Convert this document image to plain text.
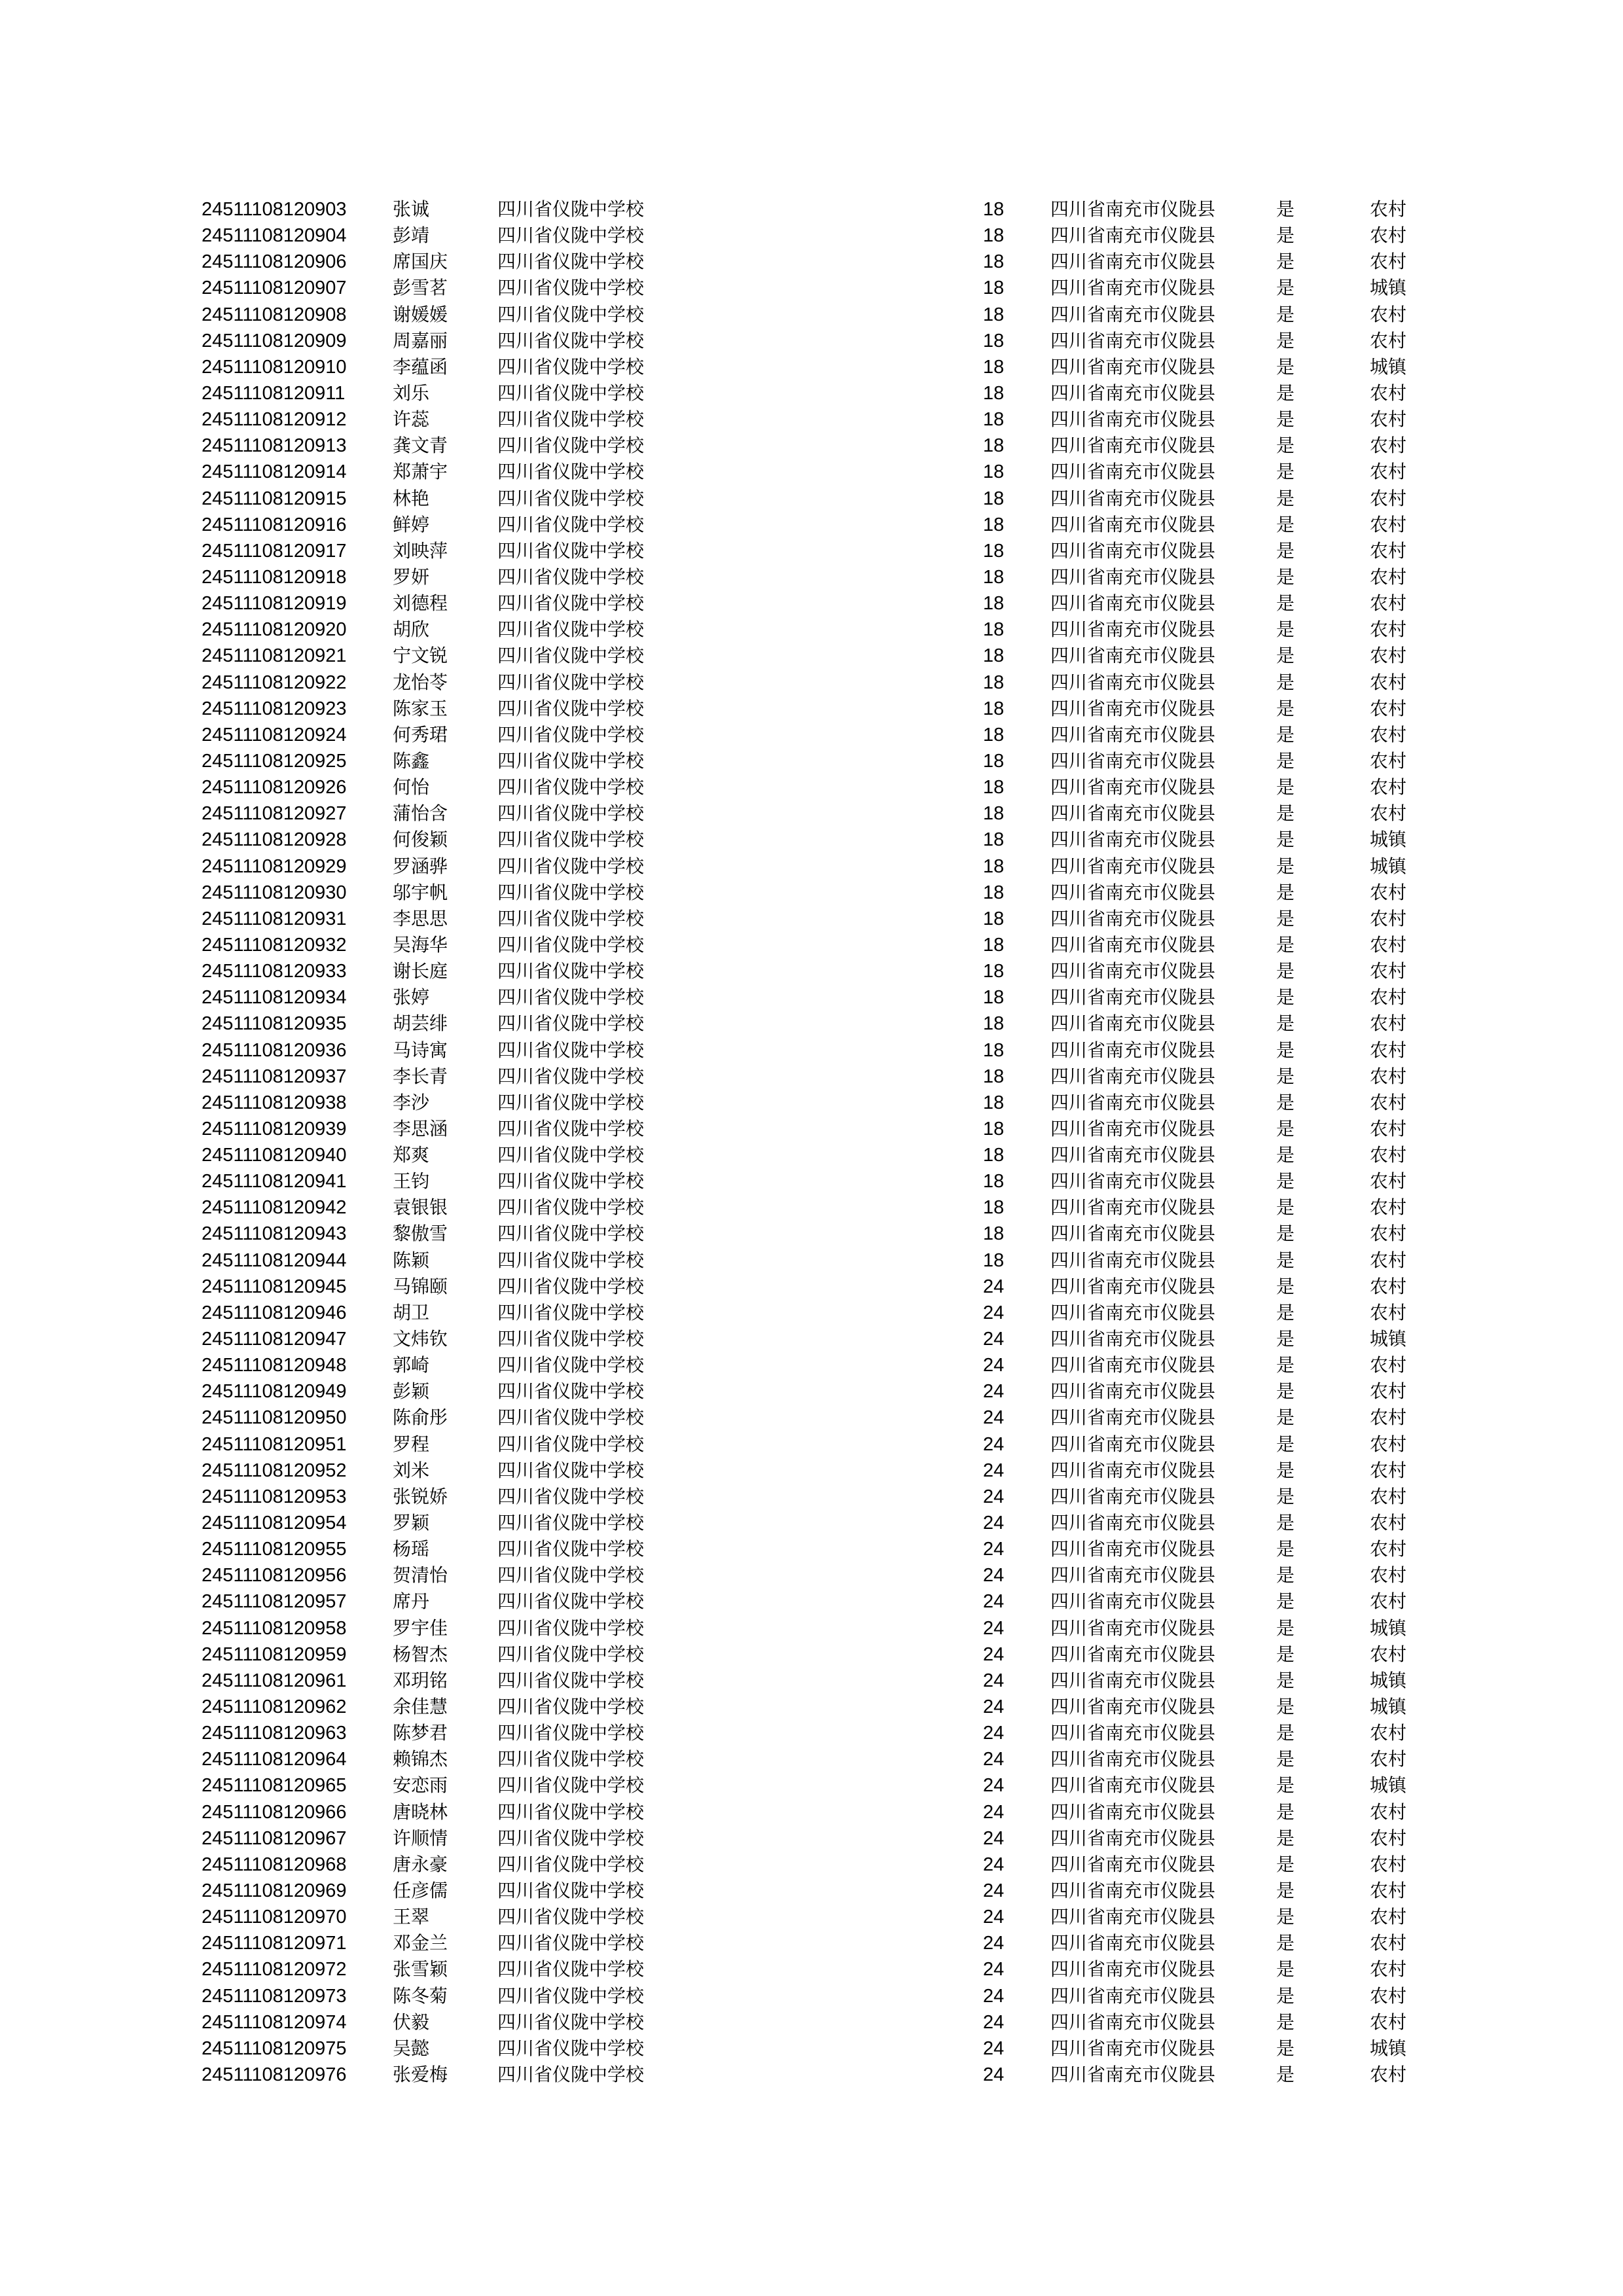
24511108120903	张诚	四川省仪陇中学校	18	四川省南充市仪陇县	是	农村
24511108120904	彭靖	四川省仪陇中学校	18	四川省南充市仪陇县	是	农村
24511108120906	席国庆	四川省仪陇中学校	18	四川省南充市仪陇县	是	农村
24511108120907	彭雪茗	四川省仪陇中学校	18	四川省南充市仪陇县	是	城镇
24511108120908	谢媛媛	四川省仪陇中学校	18	四川省南充市仪陇县	是	农村
24511108120909	周嘉丽	四川省仪陇中学校	18	四川省南充市仪陇县	是	农村
24511108120910	李蕴函	四川省仪陇中学校	18	四川省南充市仪陇县	是	城镇
24511108120911	刘乐	四川省仪陇中学校	18	四川省南充市仪陇县	是	农村
24511108120912	许蕊	四川省仪陇中学校	18	四川省南充市仪陇县	是	农村
24511108120913	龚文青	四川省仪陇中学校	18	四川省南充市仪陇县	是	农村
24511108120914	郑萧宇	四川省仪陇中学校	18	四川省南充市仪陇县	是	农村
24511108120915	林艳	四川省仪陇中学校	18	四川省南充市仪陇县	是	农村
24511108120916	鲜婷	四川省仪陇中学校	18	四川省南充市仪陇县	是	农村
24511108120917	刘映萍	四川省仪陇中学校	18	四川省南充市仪陇县	是	农村
24511108120918	罗妍	四川省仪陇中学校	18	四川省南充市仪陇县	是	农村
24511108120919	刘德程	四川省仪陇中学校	18	四川省南充市仪陇县	是	农村
24511108120920	胡欣	四川省仪陇中学校	18	四川省南充市仪陇县	是	农村
24511108120921	宁文锐	四川省仪陇中学校	18	四川省南充市仪陇县	是	农村
24511108120922	龙怡苓	四川省仪陇中学校	18	四川省南充市仪陇县	是	农村
24511108120923	陈家玉	四川省仪陇中学校	18	四川省南充市仪陇县	是	农村
24511108120924	何秀珺	四川省仪陇中学校	18	四川省南充市仪陇县	是	农村
24511108120925	陈鑫	四川省仪陇中学校	18	四川省南充市仪陇县	是	农村
24511108120926	何怡	四川省仪陇中学校	18	四川省南充市仪陇县	是	农村
24511108120927	蒲怡含	四川省仪陇中学校	18	四川省南充市仪陇县	是	农村
24511108120928	何俊颖	四川省仪陇中学校	18	四川省南充市仪陇县	是	城镇
24511108120929	罗涵骅	四川省仪陇中学校	18	四川省南充市仪陇县	是	城镇
24511108120930	邬宇帆	四川省仪陇中学校	18	四川省南充市仪陇县	是	农村
24511108120931	李思思	四川省仪陇中学校	18	四川省南充市仪陇县	是	农村
24511108120932	吴海华	四川省仪陇中学校	18	四川省南充市仪陇县	是	农村
24511108120933	谢长庭	四川省仪陇中学校	18	四川省南充市仪陇县	是	农村
24511108120934	张婷	四川省仪陇中学校	18	四川省南充市仪陇县	是	农村
24511108120935	胡芸绯	四川省仪陇中学校	18	四川省南充市仪陇县	是	农村
24511108120936	马诗寓	四川省仪陇中学校	18	四川省南充市仪陇县	是	农村
24511108120937	李长青	四川省仪陇中学校	18	四川省南充市仪陇县	是	农村
24511108120938	李沙	四川省仪陇中学校	18	四川省南充市仪陇县	是	农村
24511108120939	李思涵	四川省仪陇中学校	18	四川省南充市仪陇县	是	农村
24511108120940	郑爽	四川省仪陇中学校	18	四川省南充市仪陇县	是	农村
24511108120941	王钧	四川省仪陇中学校	18	四川省南充市仪陇县	是	农村
24511108120942	袁银银	四川省仪陇中学校	18	四川省南充市仪陇县	是	农村
24511108120943	黎傲雪	四川省仪陇中学校	18	四川省南充市仪陇县	是	农村
24511108120944	陈颖	四川省仪陇中学校	18	四川省南充市仪陇县	是	农村
24511108120945	马锦颐	四川省仪陇中学校	24	四川省南充市仪陇县	是	农村
24511108120946	胡卫	四川省仪陇中学校	24	四川省南充市仪陇县	是	农村
24511108120947	文炜钦	四川省仪陇中学校	24	四川省南充市仪陇县	是	城镇
24511108120948	郭崎	四川省仪陇中学校	24	四川省南充市仪陇县	是	农村
24511108120949	彭颖	四川省仪陇中学校	24	四川省南充市仪陇县	是	农村
24511108120950	陈俞彤	四川省仪陇中学校	24	四川省南充市仪陇县	是	农村
24511108120951	罗程	四川省仪陇中学校	24	四川省南充市仪陇县	是	农村
24511108120952	刘米	四川省仪陇中学校	24	四川省南充市仪陇县	是	农村
24511108120953	张锐娇	四川省仪陇中学校	24	四川省南充市仪陇县	是	农村
24511108120954	罗颖	四川省仪陇中学校	24	四川省南充市仪陇县	是	农村
24511108120955	杨瑶	四川省仪陇中学校	24	四川省南充市仪陇县	是	农村
24511108120956	贺清怡	四川省仪陇中学校	24	四川省南充市仪陇县	是	农村
24511108120957	席丹	四川省仪陇中学校	24	四川省南充市仪陇县	是	农村
24511108120958	罗宇佳	四川省仪陇中学校	24	四川省南充市仪陇县	是	城镇
24511108120959	杨智杰	四川省仪陇中学校	24	四川省南充市仪陇县	是	农村
24511108120961	邓玥铭	四川省仪陇中学校	24	四川省南充市仪陇县	是	城镇
24511108120962	余佳慧	四川省仪陇中学校	24	四川省南充市仪陇县	是	城镇
24511108120963	陈梦君	四川省仪陇中学校	24	四川省南充市仪陇县	是	农村
24511108120964	赖锦杰	四川省仪陇中学校	24	四川省南充市仪陇县	是	农村
24511108120965	安恋雨	四川省仪陇中学校	24	四川省南充市仪陇县	是	城镇
24511108120966	唐晓林	四川省仪陇中学校	24	四川省南充市仪陇县	是	农村
24511108120967	许顺情	四川省仪陇中学校	24	四川省南充市仪陇县	是	农村
24511108120968	唐永豪	四川省仪陇中学校	24	四川省南充市仪陇县	是	农村
24511108120969	任彦儒	四川省仪陇中学校	24	四川省南充市仪陇县	是	农村
24511108120970	王翠	四川省仪陇中学校	24	四川省南充市仪陇县	是	农村
24511108120971	邓金兰	四川省仪陇中学校	24	四川省南充市仪陇县	是	农村
24511108120972	张雪颖	四川省仪陇中学校	24	四川省南充市仪陇县	是	农村
24511108120973	陈冬菊	四川省仪陇中学校	24	四川省南充市仪陇县	是	农村
24511108120974	伏毅	四川省仪陇中学校	24	四川省南充市仪陇县	是	农村
24511108120975	吴懿	四川省仪陇中学校	24	四川省南充市仪陇县	是	城镇
24511108120976	张爱梅	四川省仪陇中学校	24	四川省南充市仪陇县	是	农村
